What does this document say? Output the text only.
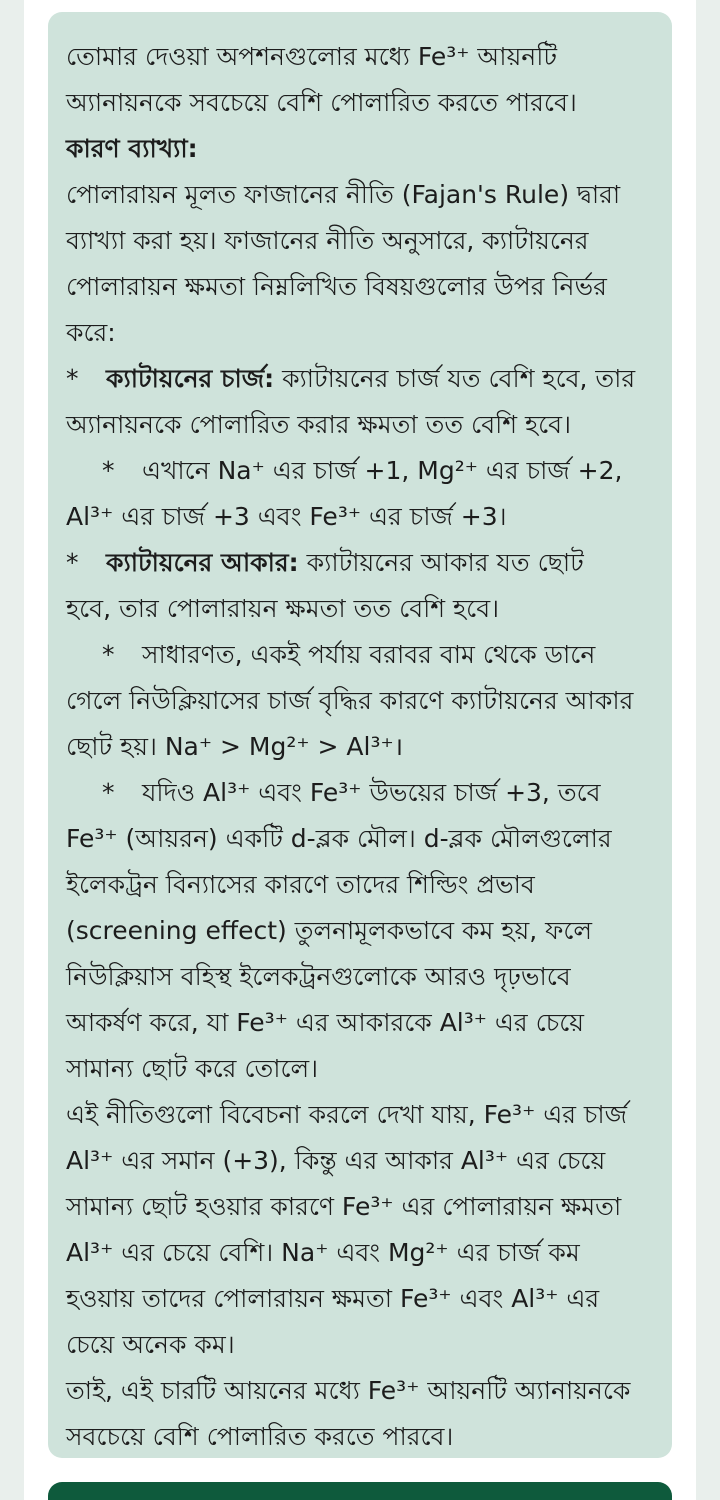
তোমার দেওয়া অপশনগুলোর মধ্যে Fe³⁺ আয়নটি
অ্যানায়নকে সবচেয়ে বেশি পোলারিত করতে পারবে।
কারণ ব্যাখ্যা:
পোলারায়ন মূলত ফাজানের নীতি (Fajan's Rule) দ্বারা
ব্যাখ্যা করা হয়। ফাজানের নীতি অনুসারে, ক্যাটায়নের
পোলারায়ন ক্ষমতা নিম্নলিখিত বিষয়গুলোর উপর নির্ভর
করে:
* ক্যাটায়নের চার্জ: ক্যাটায়নের চার্জ যত বেশি হবে, তার
অ্যানায়নকে পোলারিত করার ক্ষমতা তত বেশি হবে।
* এখানে Na⁺ এর চার্জ +1, Mg²⁺ এর চার্জ +2,
Al³⁺ এর চার্জ +3 এবং Fe³⁺ এর চার্জ +3।
* ক্যাটায়নের আকার: ক্যাটায়নের আকার যত ছোট
হবে, তার পোলারায়ন ক্ষমতা তত বেশি হবে।
* সাধারণত, একই পর্যায় বরাবর বাম থেকে ডানে
গেলে নিউক্লিয়াসের চার্জ বৃদ্ধির কারণে ক্যাটায়নের আকার
ছোট হয়। Na⁺ > Mg²⁺ > Al³⁺।
* যদিও Al³⁺ এবং Fe³⁺ উভয়ের চার্জ +3, তবে
Fe³⁺ (আয়রন) একটি d-ব্লক মৌল। d-ব্লক মৌলগুলোর
ইলেকট্রন বিন্যাসের কারণে তাদের শিল্ডিং প্রভাব
(screening effect) তুলনামূলকভাবে কম হয়, ফলে
নিউক্লিয়াস বহিস্থ ইলেকট্রনগুলোকে আরও দৃঢ়ভাবে
আকর্ষণ করে, যা Fe³⁺ এর আকারকে Al³⁺ এর চেয়ে
সামান্য ছোট করে তোলে।
এই নীতিগুলো বিবেচনা করলে দেখা যায়, Fe³⁺ এর চার্জ
Al³⁺ এর সমান (+3), কিন্তু এর আকার Al³⁺ এর চেয়ে
সামান্য ছোট হওয়ার কারণে Fe³⁺ এর পোলারায়ন ক্ষমতা
Al³⁺ এর চেয়ে বেশি। Na⁺ এবং Mg²⁺ এর চার্জ কম
হওয়ায় তাদের পোলারায়ন ক্ষমতা Fe³⁺ এবং Al³⁺ এর
চেয়ে অনেক কম।
তাই, এই চারটি আয়নের মধ্যে Fe³⁺ আয়নটি অ্যানায়নকে
সবচেয়ে বেশি পোলারিত করতে পারবে।
